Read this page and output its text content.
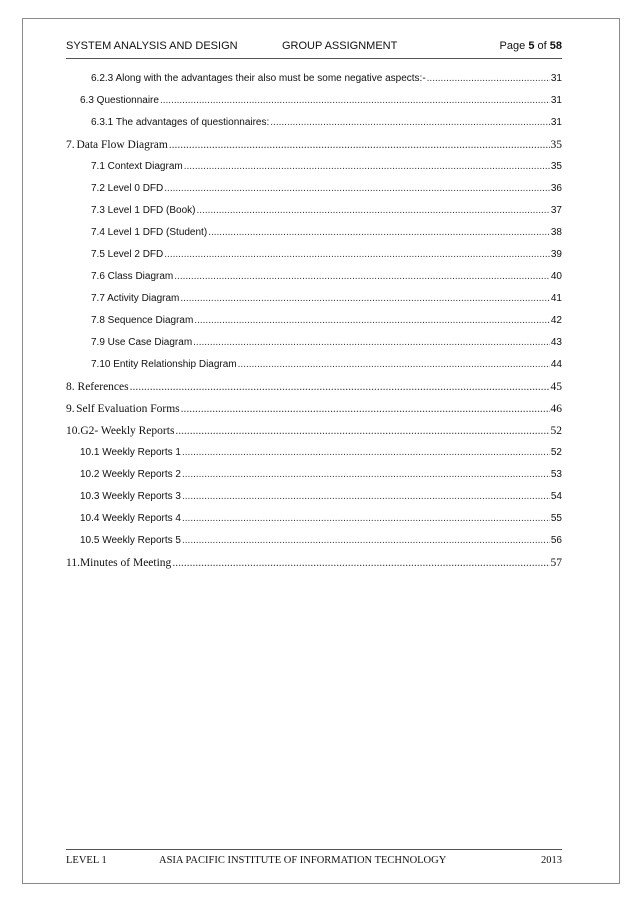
SYSTEM ANALYSIS AND DESIGN	GROUP ASSIGNMENT	Page 5 of 58
6.2.3 Along with the advantages their also must be some negative aspects:- .....	31
6.3 Questionnaire .....	31
6.3.1 The advantages of questionnaires: .....	31
7. Data Flow Diagram .....	35
7.1 Context Diagram .....	35
7.2 Level 0 DFD .....	36
7.3 Level 1 DFD (Book) .....	37
7.4 Level 1 DFD (Student) .....	38
7.5 Level 2 DFD .....	39
7.6 Class Diagram .....	40
7.7 Activity Diagram .....	41
7.8 Sequence Diagram .....	42
7.9 Use Case Diagram .....	43
7.10 Entity Relationship Diagram .....	44
8. References .....	45
9. Self Evaluation Forms .....	46
10. G2- Weekly Reports .....	52
10.1 Weekly Reports 1 .....	52
10.2 Weekly Reports 2 .....	53
10.3 Weekly Reports 3 .....	54
10.4 Weekly Reports 4 .....	55
10.5 Weekly Reports 5 .....	56
11. Minutes of Meeting .....	57
LEVEL 1	ASIA PACIFIC INSTITUTE OF INFORMATION TECHNOLOGY	2013
